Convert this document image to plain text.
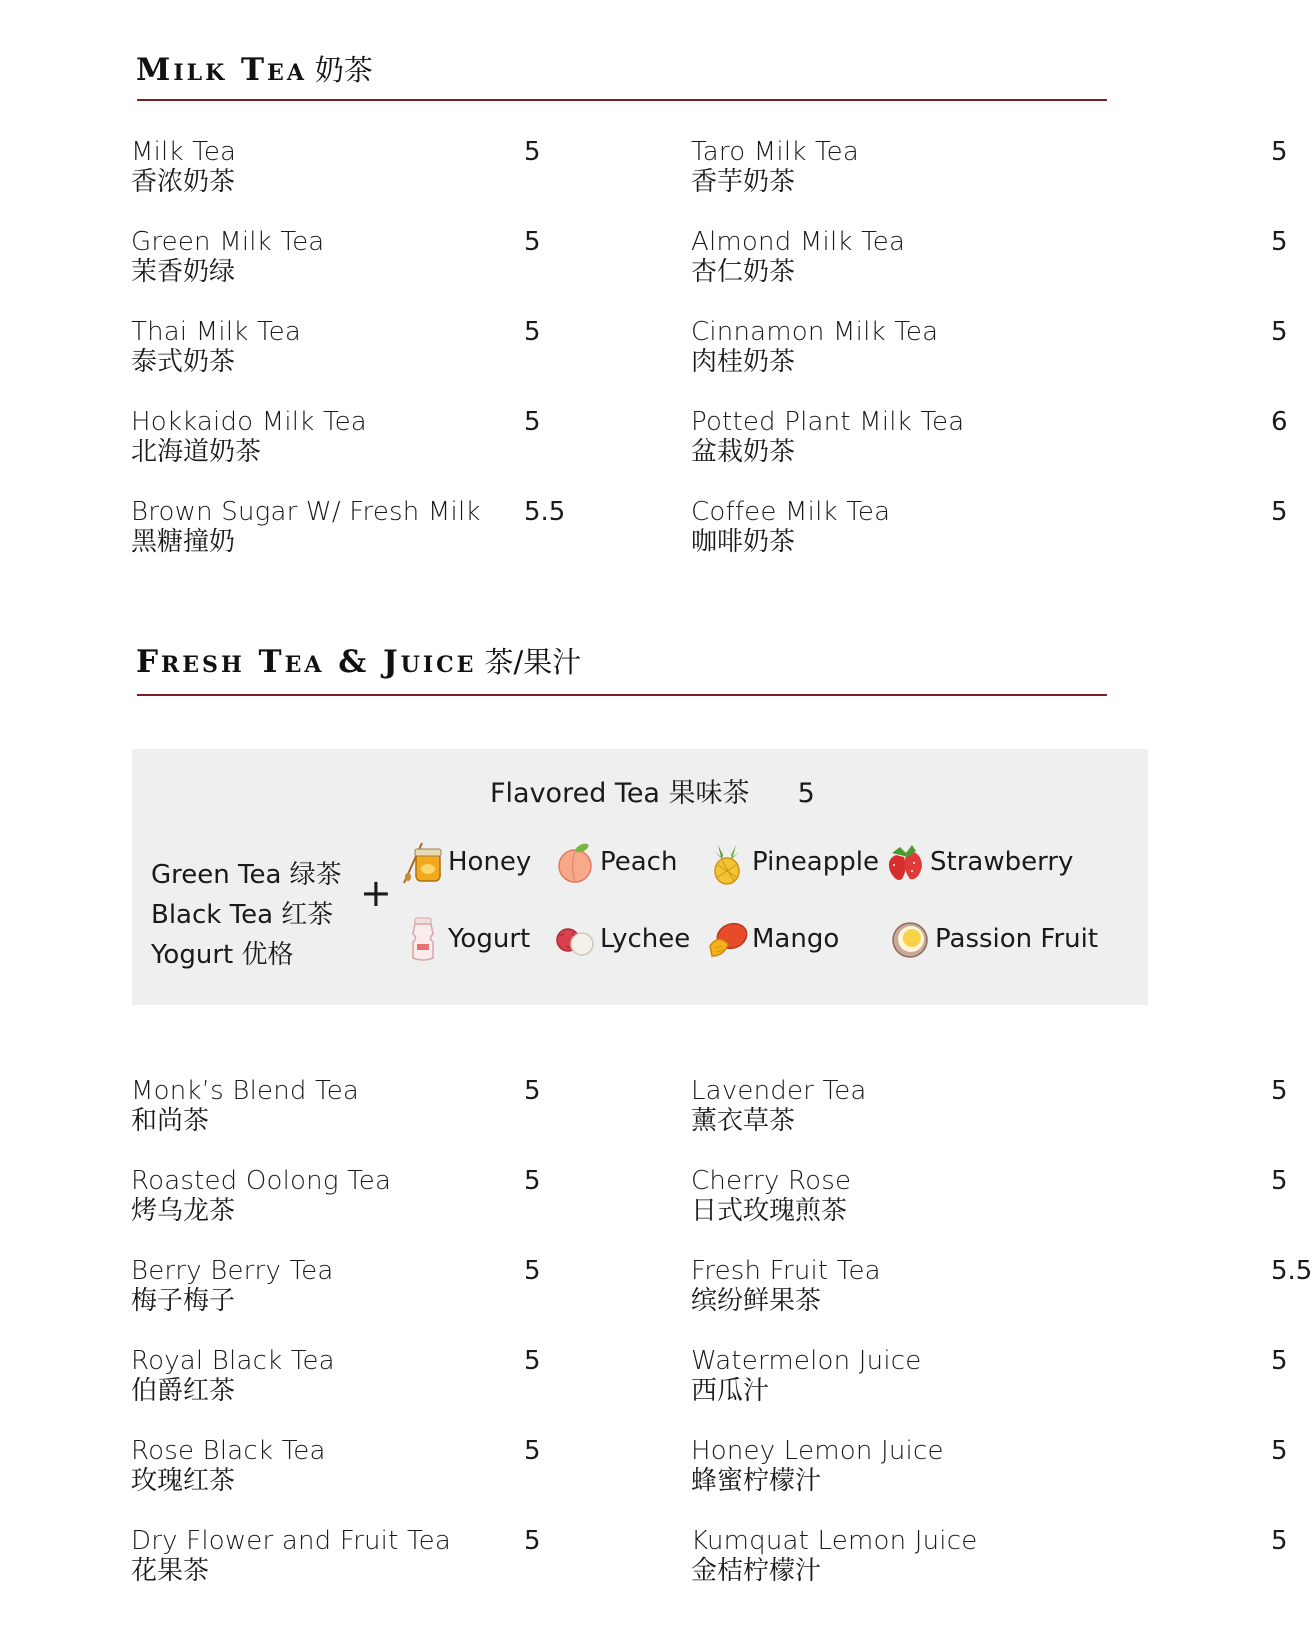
Milk Tea 奶茶
Milk Tea
香浓奶茶
5
Green Milk Tea
茉香奶绿
5
Thai Milk Tea
泰式奶茶
5
Hokkaido Milk Tea
北海道奶茶
5
Brown Sugar W/ Fresh Milk
黑糖撞奶
5.5
Taro Milk Tea
香芋奶茶
5
Almond Milk Tea
杏仁奶茶
5
Cinnamon Milk Tea
肉桂奶茶
5
Potted Plant Milk Tea
盆栽奶茶
6
Coffee Milk Tea
咖啡奶茶
5
Fresh Tea & Juice 茶/果汁
Flavored Tea 果味茶 5
Green Tea 绿茶
Black Tea 红茶
Yogurt 优格
+
Honey	Peach	Pineapple	Strawberry
Yogurt	Lychee	Mango	Passion Fruit
Monk’s Blend Tea
和尚茶
5
Roasted Oolong Tea
烤乌龙茶
5
Berry Berry Tea
梅子梅子
5
Royal Black Tea
伯爵红茶
5
Rose Black Tea
玫瑰红茶
5
Dry Flower and Fruit Tea
花果茶
5
Lavender Tea
薰衣草茶
5
Cherry Rose
日式玫瑰煎茶
5
Fresh Fruit Tea
缤纷鲜果茶
5.5
Watermelon Juice
西瓜汁
5
Honey Lemon Juice
蜂蜜柠檬汁
5
Kumquat Lemon Juice
金桔柠檬汁
5
